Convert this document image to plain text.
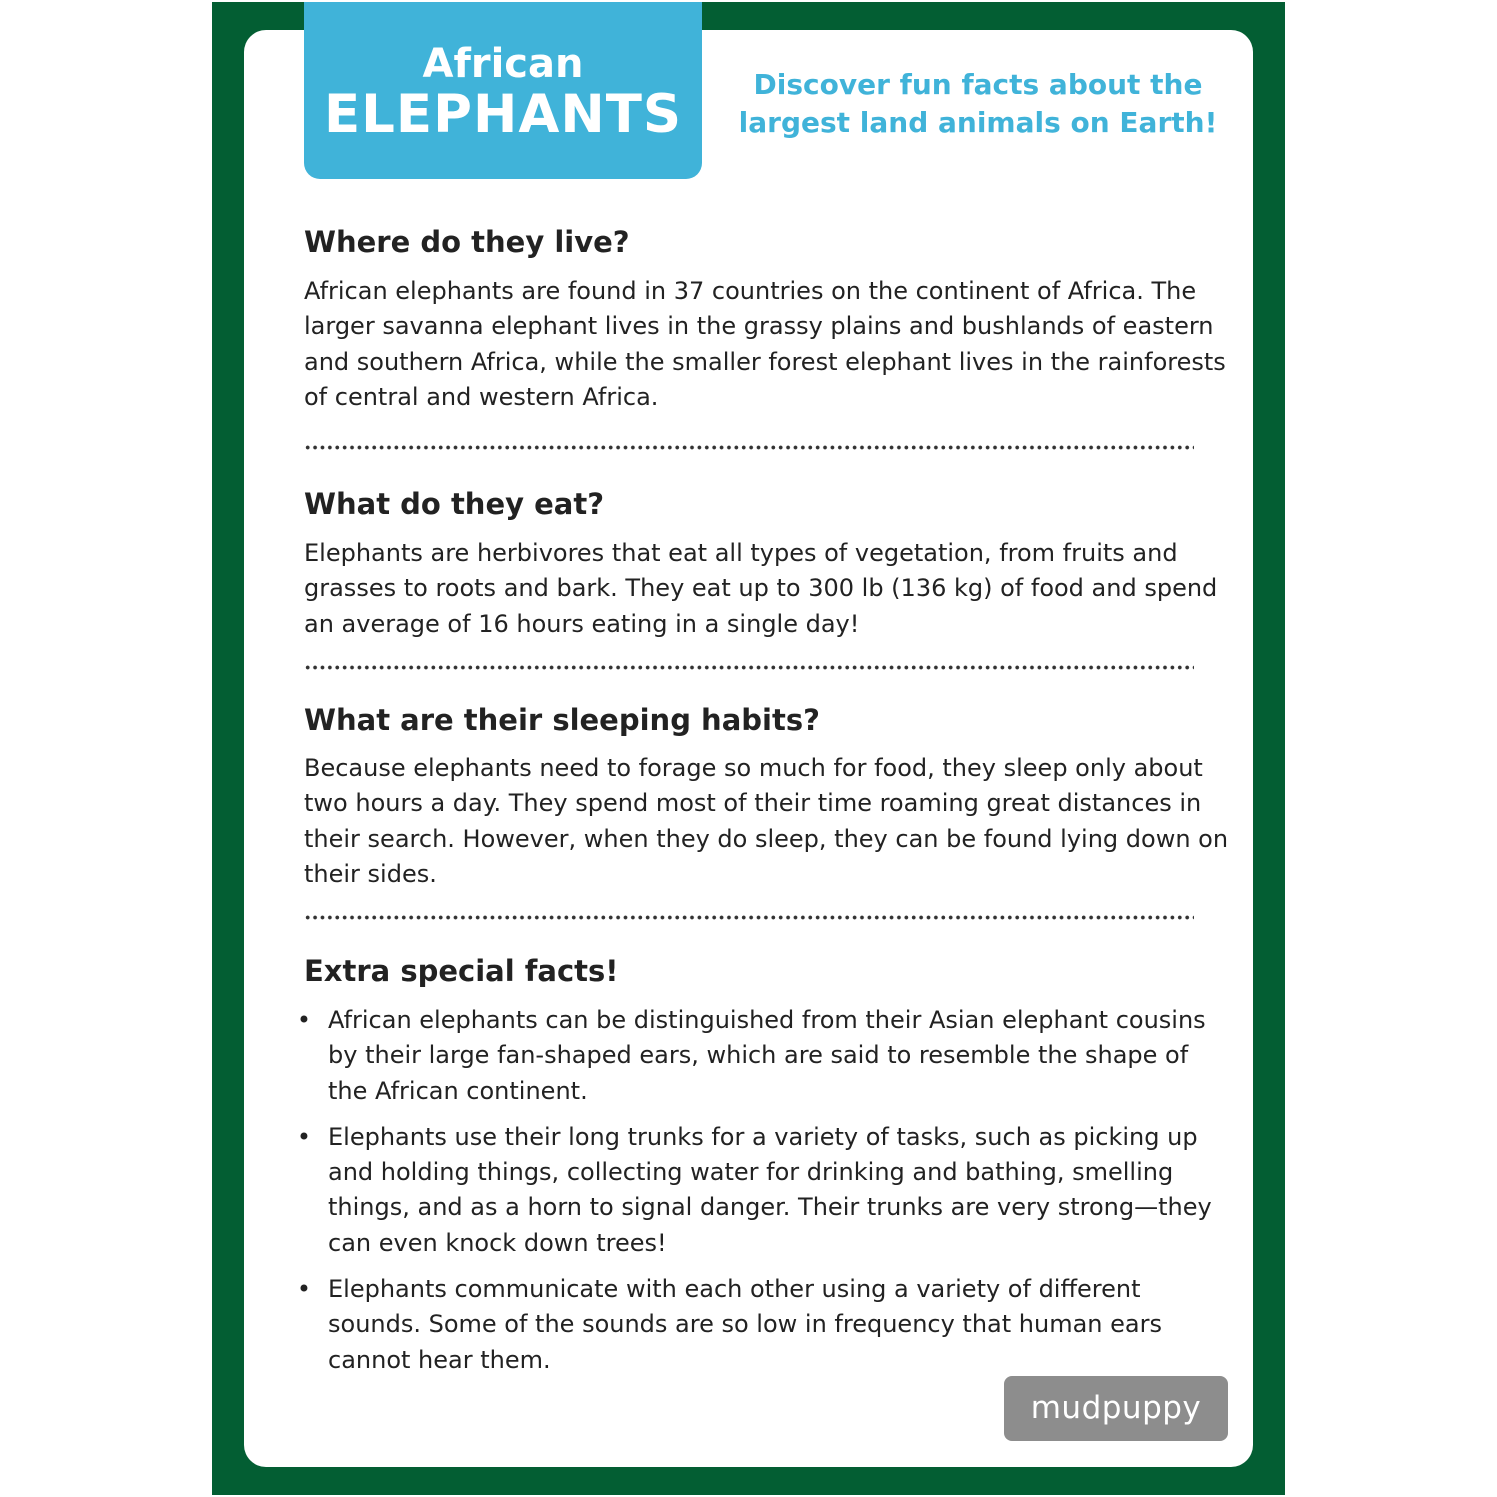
African
ELEPHANTS	Discover fun facts about the largest land animals on Earth!
Where do they live?

African elephants are found in 37 countries on the continent of Africa. The larger savanna elephant lives in the grassy plains and bushlands of eastern and southern Africa, while the smaller forest elephant lives in the rainforests of central and western Africa.

What do they eat?

Elephants are herbivores that eat all types of vegetation, from fruits and grasses to roots and bark. They eat up to 300 lb (136 kg) of food and spend an average of 16 hours eating in a single day!

What are their sleeping habits?

Because elephants need to forage so much for food, they sleep only about two hours a day. They spend most of their time roaming great distances in their search. However, when they do sleep, they can be found lying down on their sides.

Extra special facts!
• African elephants can be distinguished from their Asian elephant cousins by their large fan-shaped ears, which are said to resemble the shape of the African continent.
• Elephants use their long trunks for a variety of tasks, such as picking up and holding things, collecting water for drinking and bathing, smelling things, and as a horn to signal danger. Their trunks are very strong—they can even knock down trees!
• Elephants communicate with each other using a variety of different sounds. Some of the sounds are so low in frequency that human ears cannot hear them.
mudpuppy
